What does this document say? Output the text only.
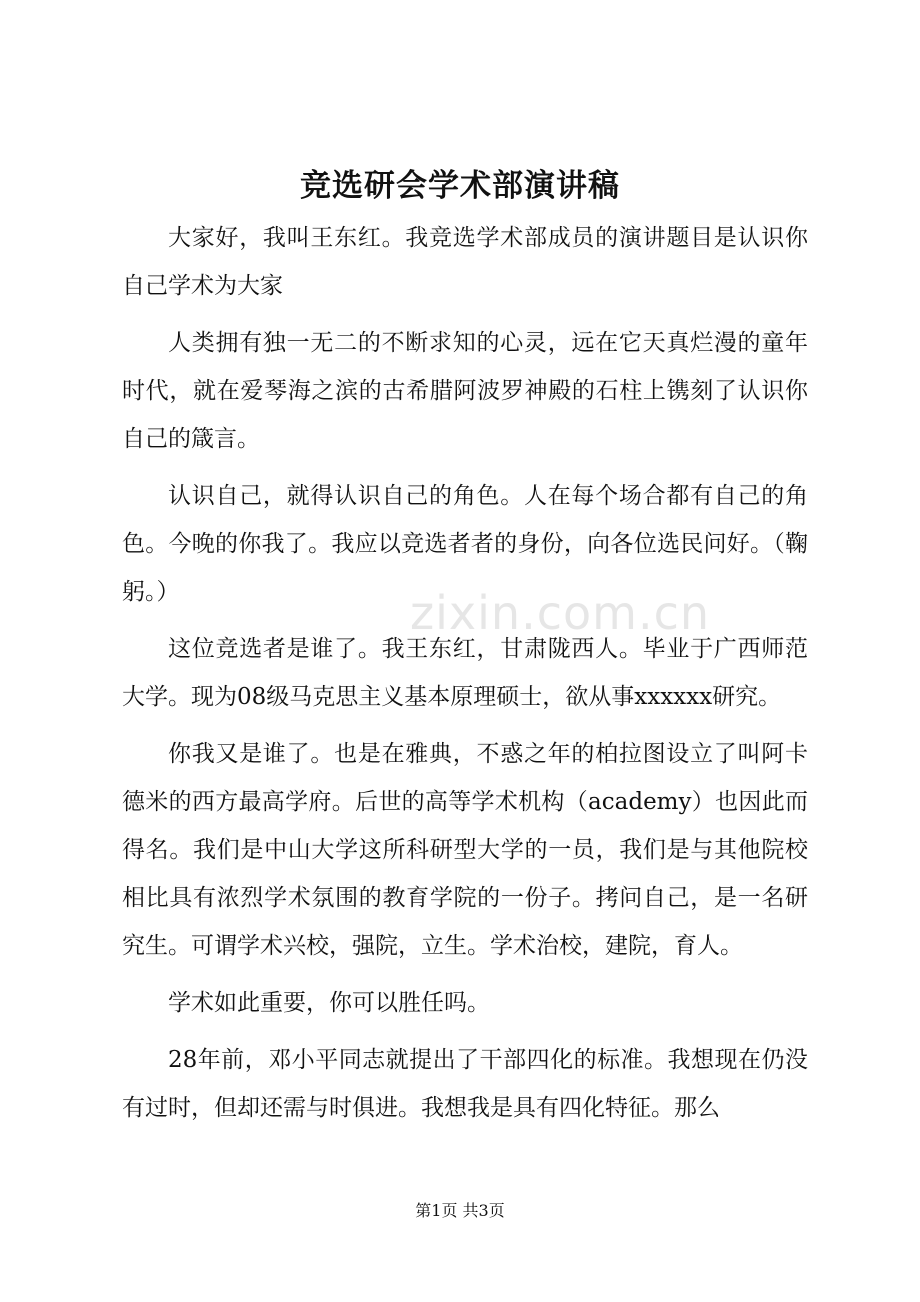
zixin.com.cn
竞选研会学术部演讲稿

大家好，我叫王东红。我竞选学术部成员的演讲题目是认识你自己学术为大家

人类拥有独一无二的不断求知的心灵，远在它天真烂漫的童年时代，就在爱琴海之滨的古希腊阿波罗神殿的石柱上镌刻了认识你自己的箴言。

认识自己，就得认识自己的角色。人在每个场合都有自己的角色。今晚的你我了。我应以竞选者者的身份，向各位选民问好。（鞠躬。）

这位竞选者是谁了。我王东红，甘肃陇西人。毕业于广西师范大学。现为08级马克思主义基本原理硕士，欲从事xxxxxx研究。

你我又是谁了。也是在雅典，不惑之年的柏拉图设立了叫阿卡德米的西方最高学府。后世的高等学术机构（academy）也因此而得名。我们是中山大学这所科研型大学的一员，我们是与其他院校相比具有浓烈学术氛围的教育学院的一份子。拷问自己，是一名研究生。可谓学术兴校，强院，立生。学术治校，建院，育人。

学术如此重要，你可以胜任吗。

28年前，邓小平同志就提出了干部四化的标准。我想现在仍没有过时，但却还需与时俱进。我想我是具有四化特征。那么

第1页 共3页
